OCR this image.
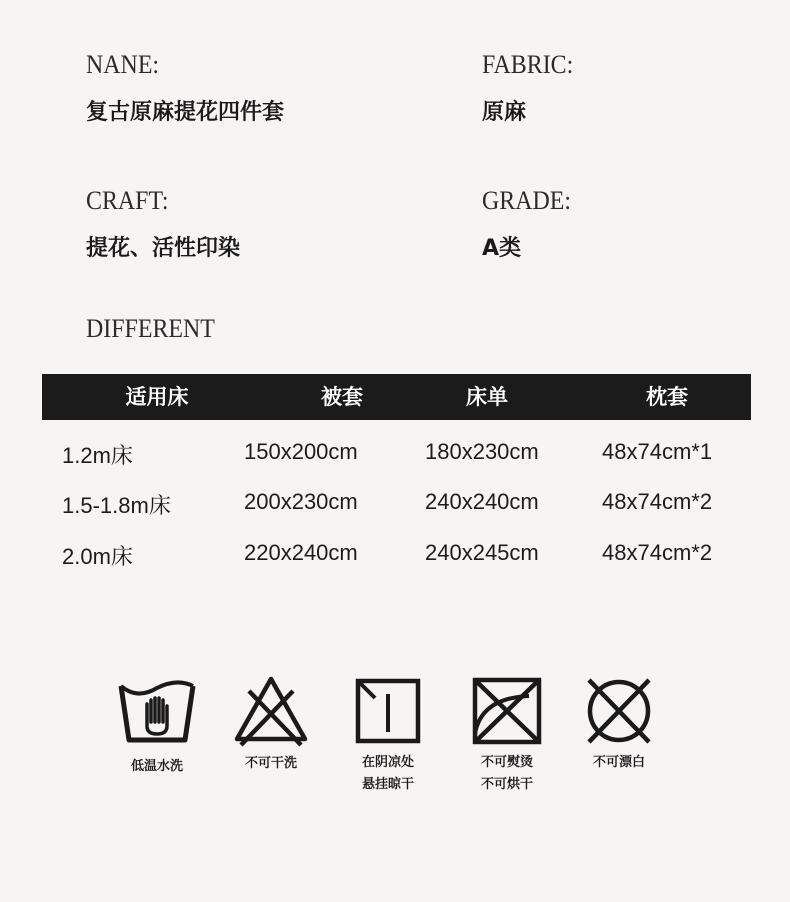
NANE:
复古原麻提花四件套
FABRIC:
原麻
CRAFT:
提花、活性印染
GRADE:
A类
DIFFERENT
适用床	被套	床单	枕套
1.2m床	150x200cm	180x230cm	48x74cm*1
1.5-1.8m床	200x230cm	240x240cm	48x74cm*2
2.0m床	220x240cm	240x245cm	48x74cm*2
低温水洗	不可干洗	在阴凉处
悬挂晾干
不可熨烫
不可烘干
不可漂白
